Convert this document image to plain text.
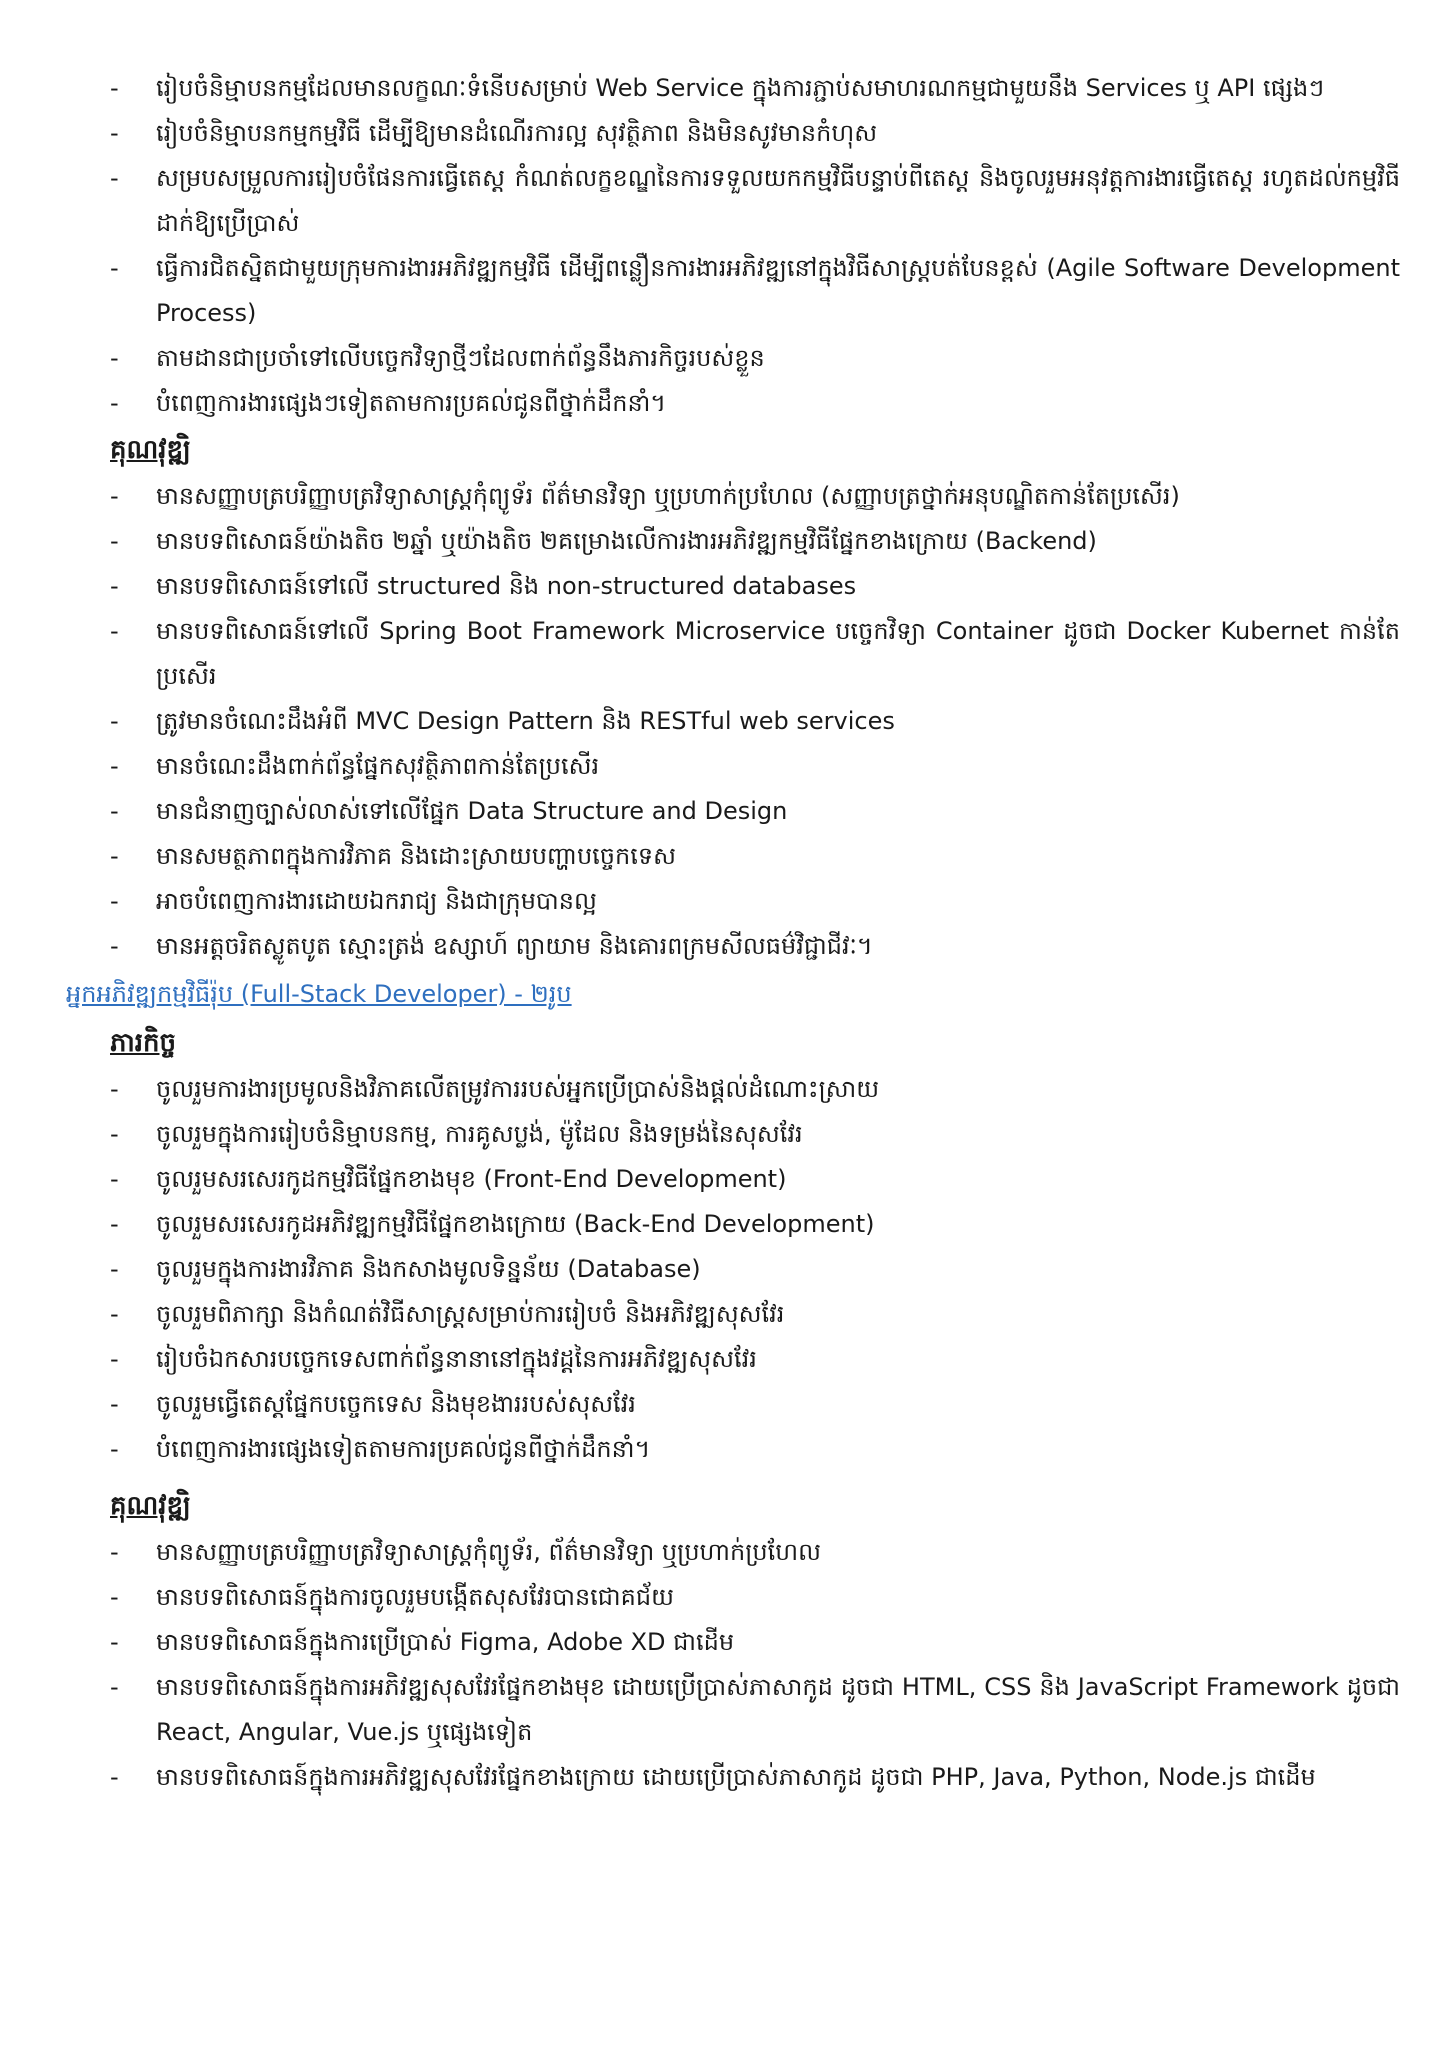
-	រៀបចំនិម្មាបនកម្មដែលមានលក្ខណៈទំនើបសម្រាប់ Web Service ក្នុងការភ្ជាប់សមាហរណកម្មជាមួយនឹង Services ឬ API ផ្សេងៗ
-	រៀបចំនិម្មាបនកម្មកម្មវិធី ដើម្បីឱ្យមានដំណើរការល្អ សុវត្ថិភាព និងមិនសូវមានកំហុស
-	សម្របសម្រួលការរៀបចំផែនការធ្វើតេស្ត កំណត់លក្ខខណ្ឌនៃការទទួលយកកម្មវិធីបន្ទាប់ពីតេស្ត និងចូលរួមអនុវត្តការងារធ្វើតេស្ត រហូតដល់កម្មវិធីដាក់ឱ្យប្រើប្រាស់
-	ធ្វើការជិតស្និតជាមួយក្រុមការងារអភិវឌ្ឍកម្មវិធី ដើម្បីពន្លឿនការងារអភិវឌ្ឍនៅក្នុងវិធីសាស្ត្របត់បែនខ្ពស់ (Agile Software Development Process)
-	តាមដានជាប្រចាំទៅលើបច្ចេកវិទ្យាថ្មីៗដែលពាក់ព័ន្ធនឹងភារកិច្ចរបស់ខ្លួន
-	បំពេញការងារផ្សេងៗទៀតតាមការប្រគល់ជូនពីថ្នាក់ដឹកនាំ។
គុណវុឌ្ឍិ
-	មានសញ្ញាបត្របរិញ្ញាបត្រវិទ្យាសាស្ត្រកុំព្យូទ័រ ព័ត៌មានវិទ្យា ឬប្រហាក់ប្រហែល (សញ្ញាបត្រថ្នាក់អនុបណ្ឌិតកាន់តែប្រសើរ)
-	មានបទពិសោធន៍យ៉ាងតិច ២ឆ្នាំ ឬយ៉ាងតិច ២គម្រោងលើការងារអភិវឌ្ឍកម្មវិធីផ្នែកខាងក្រោយ (Backend)
-	មានបទពិសោធន៍ទៅលើ structured និង non-structured databases
-	មានបទពិសោធន៍ទៅលើ Spring Boot Framework Microservice បច្ចេកវិទ្យា Container ដូចជា Docker Kubernet កាន់តែប្រសើរ
-	ត្រូវមានចំណេះដឹងអំពី MVC Design Pattern និង RESTful web services
-	មានចំណេះដឹងពាក់ព័ន្ធផ្នែកសុវត្ថិភាពកាន់តែប្រសើរ
-	មានជំនាញច្បាស់លាស់ទៅលើផ្នែក Data Structure and Design
-	មានសមត្ថភាពក្នុងការវិភាគ និងដោះស្រាយបញ្ហាបច្ចេកទេស
-	អាចបំពេញការងារដោយឯករាជ្យ និងជាក្រុមបានល្អ
-	មានអត្តចរិតស្លូតបូត ស្មោះត្រង់ ឧស្សាហ៍ ព្យាយាម និងគោរពក្រមសីលធម៌វិជ្ជាជីវៈ។
អ្នកអភិវឌ្ឍកម្មវិធីរ៉ុប (Full-Stack Developer) - ២រូប
ភារកិច្ច
-	ចូលរួមការងារប្រមូលនិងវិភាគលើតម្រូវការរបស់អ្នកប្រើប្រាស់និងផ្តល់ដំណោះស្រាយ
-	ចូលរួមក្នុងការរៀបចំនិម្មាបនកម្ម, ការគូសប្លង់, ម៉ូដែល និងទម្រង់នៃសុសវែរ
-	ចូលរួមសរសេរកូដកម្មវិធីផ្នែកខាងមុខ (Front-End Development)
-	ចូលរួមសរសេរកូដអភិវឌ្ឍកម្មវិធីផ្នែកខាងក្រោយ (Back-End Development)
-	ចូលរួមក្នុងការងារវិភាគ និងកសាងមូលទិន្នន័យ (Database)
-	ចូលរួមពិភាក្សា និងកំណត់វិធីសាស្ត្រសម្រាប់ការរៀបចំ និងអភិវឌ្ឍសុសវែរ
-	រៀបចំឯកសារបច្ចេកទេសពាក់ព័ន្ធនានានៅក្នុងវដ្តនៃការអភិវឌ្ឍសុសវែរ
-	ចូលរួមធ្វើតេស្តផ្នែកបច្ចេកទេស និងមុខងាររបស់សុសវែរ
-	បំពេញការងារផ្សេងទៀតតាមការប្រគល់ជូនពីថ្នាក់ដឹកនាំ។
គុណវុឌ្ឍិ
-	មានសញ្ញាបត្របរិញ្ញាបត្រវិទ្យាសាស្ត្រកុំព្យូទ័រ, ព័ត៌មានវិទ្យា ឬប្រហាក់ប្រហែល
-	មានបទពិសោធន៍ក្នុងការចូលរួមបង្កើតសុសវែរបានជោគជ័យ
-	មានបទពិសោធន៍ក្នុងការប្រើប្រាស់ Figma, Adobe XD ជាដើម
-	មានបទពិសោធន៍ក្នុងការអភិវឌ្ឍសុសវែរផ្នែកខាងមុខ ដោយប្រើប្រាស់ភាសាកូដ ដូចជា HTML, CSS និង JavaScript Framework ដូចជា React, Angular, Vue.js ឬផ្សេងទៀត
-	មានបទពិសោធន៍ក្នុងការអភិវឌ្ឍសុសវែរផ្នែកខាងក្រោយ ដោយប្រើប្រាស់ភាសាកូដ ដូចជា PHP, Java, Python, Node.js ជាដើម
